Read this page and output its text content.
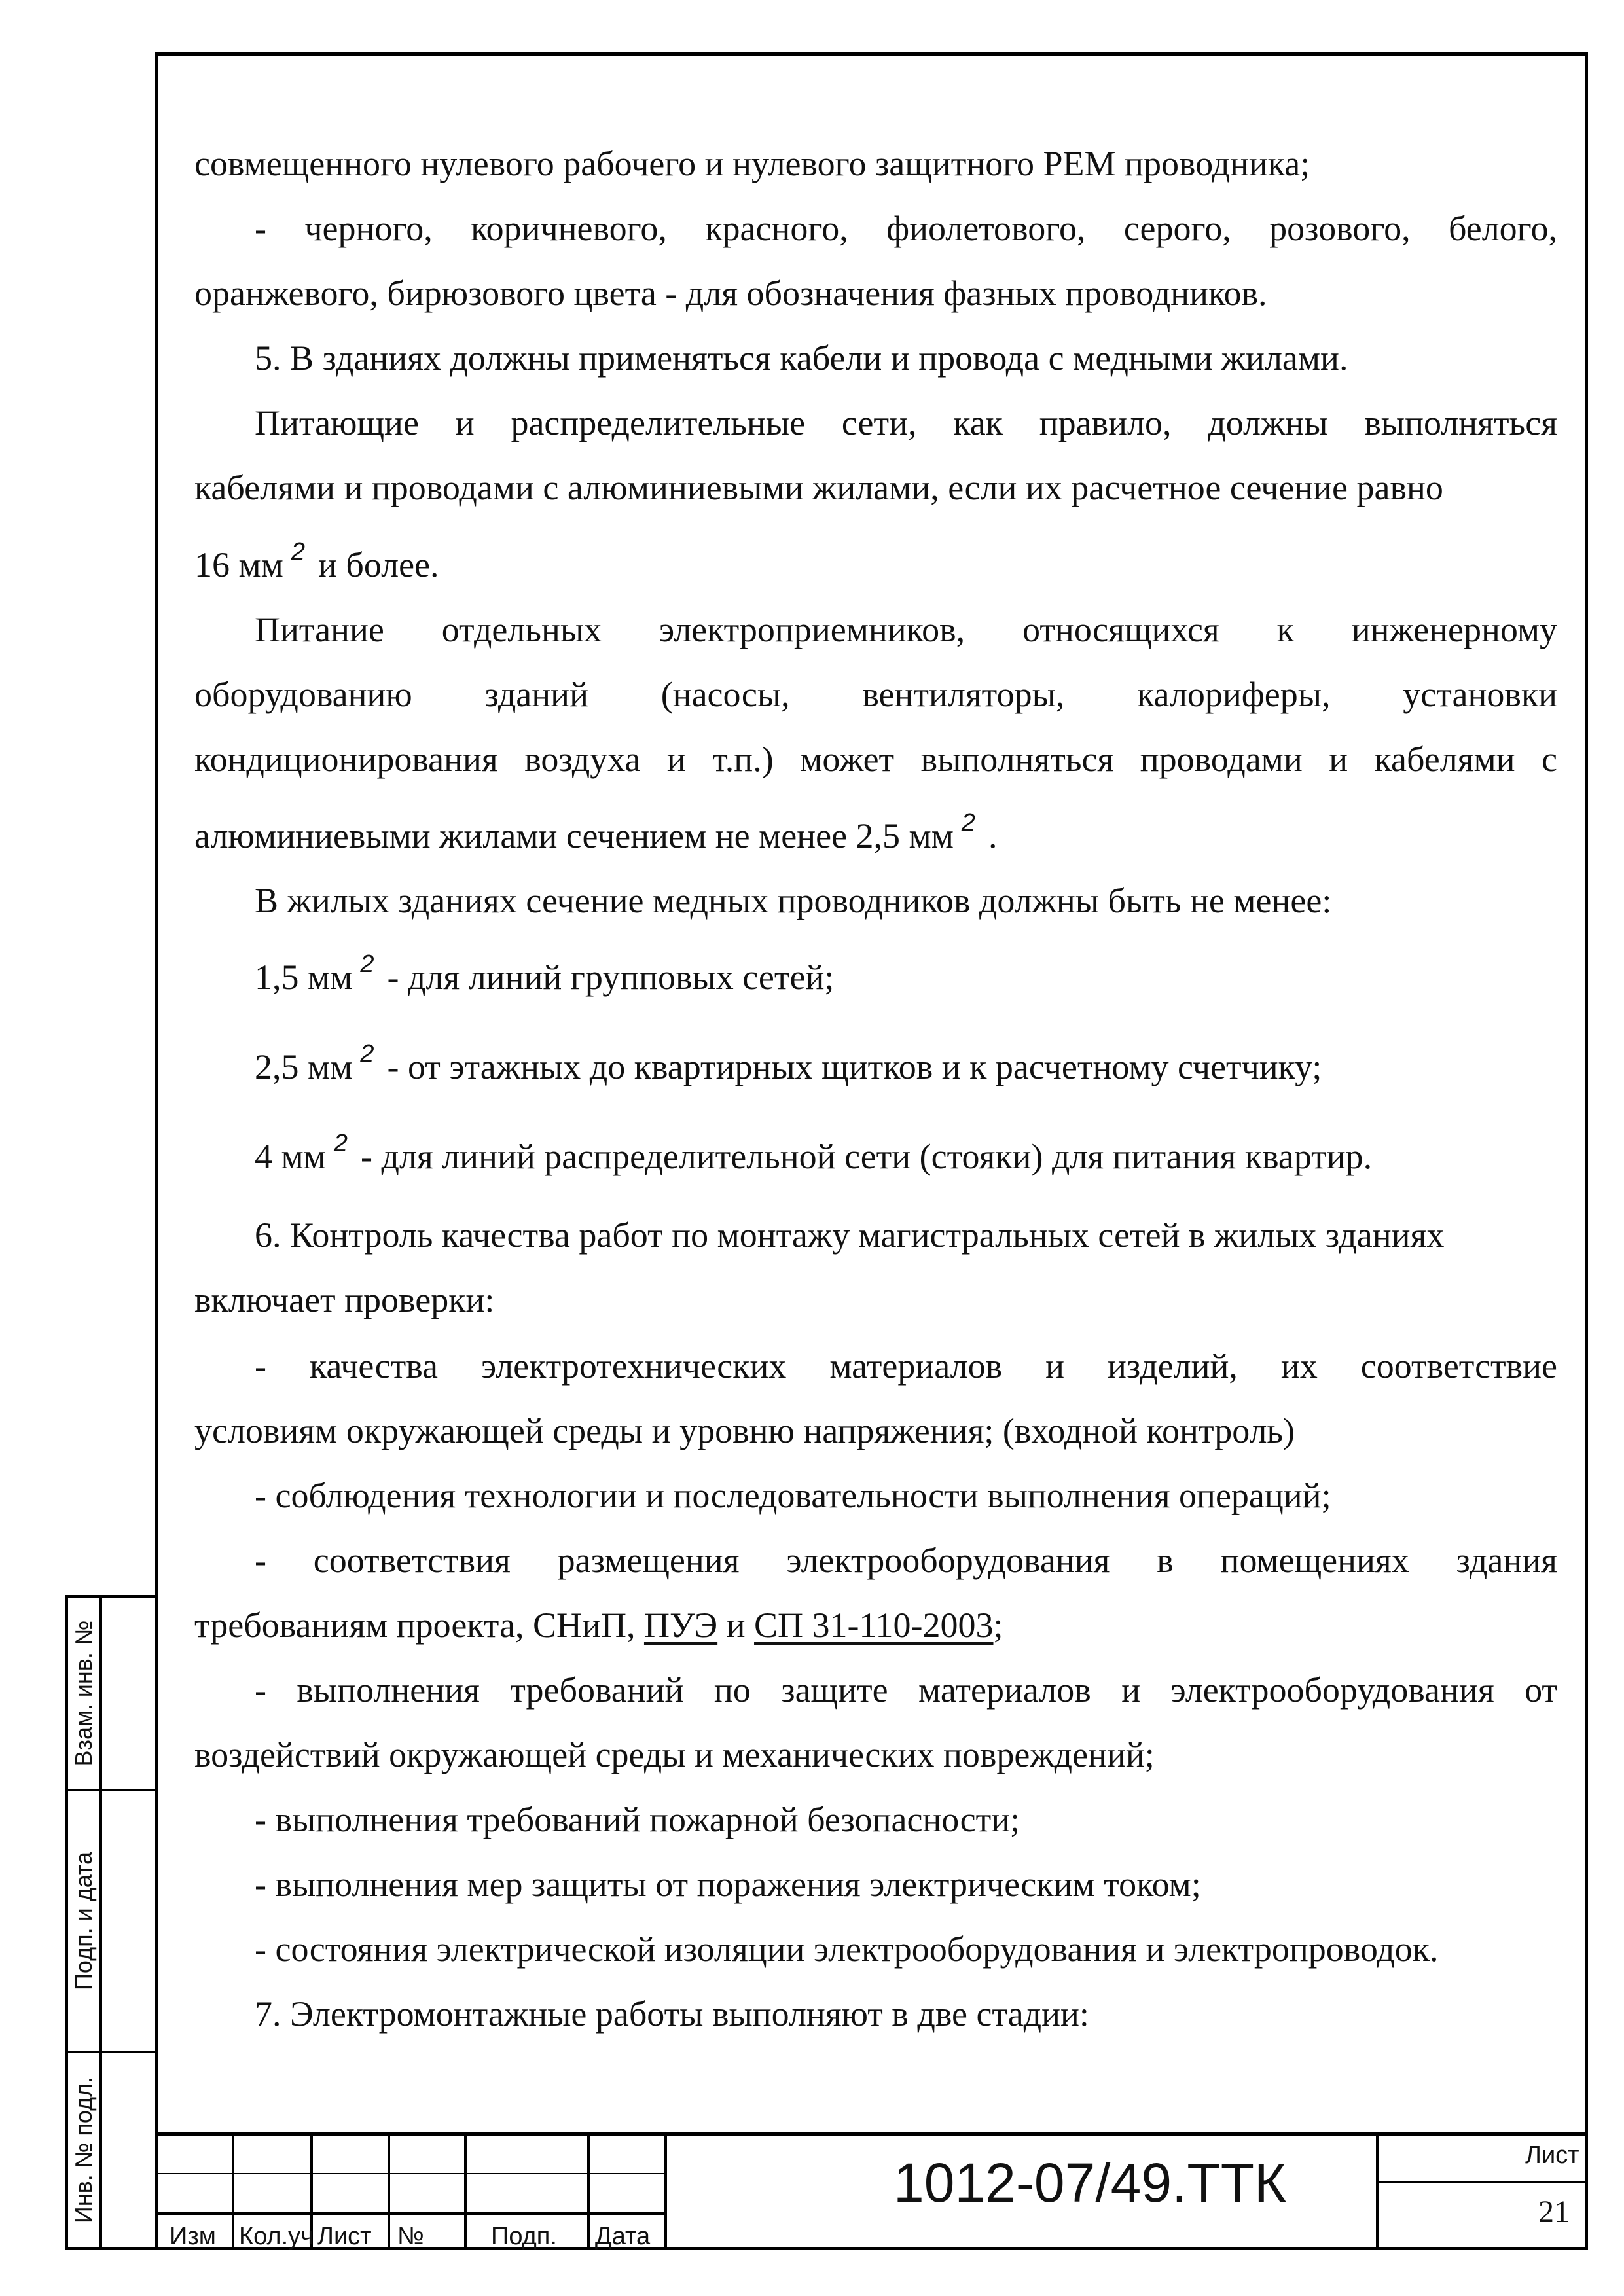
совмещенного нулевого рабочего и нулевого защитного PEM проводника;
- черного, коричневого, красного, фиолетового, серого, розового, белого,
оранжевого, бирюзового цвета - для обозначения фазных проводников.
5. В зданиях должны применяться кабели и провода с медными жилами.
Питающие и распределительные сети, как правило, должны выполняться
кабелями и проводами с алюминиевыми жилами, если их расчетное сечение равно
16 мм $^2$ и более.
Питание отдельных электроприемников, относящихся к инженерному
оборудованию зданий (насосы, вентиляторы, калориферы, установки
кондиционирования воздуха и т.п.) может выполняться проводами и кабелями с
алюминиевыми жилами сечением не менее 2,5 мм $^2$ .
В жилых зданиях сечение медных проводников должны быть не менее:
1,5 мм $^2$ - для линий групповых сетей;
2,5 мм $^2$ - от этажных до квартирных щитков и к расчетному счетчику;
4 мм $^2$ - для линий распределительной сети (стояки) для питания квартир.
6. Контроль качества работ по монтажу магистральных сетей в жилых зданиях
включает проверки:
- качества электротехнических материалов и изделий, их соответствие
условиям окружающей среды и уровню напряжения; (входной контроль)
- соблюдения технологии и последовательности выполнения операций;
- соответствия размещения электрооборудования в помещениях здания
требованиям проекта, СНиП, ПУЭ и СП 31-110-2003;
- выполнения требований по защите материалов и электрооборудования от
воздействий окружающей среды и механических повреждений;
- выполнения требований пожарной безопасности;
- выполнения мер защиты от поражения электрическим током;
- состояния электрической изоляции электрооборудования и электропроводок.
7. Электромонтажные работы выполняют в две стадии:
Взам. инв. №
Подп. и дата
Инв. № подл.
Изм Кол.уч Лист №	Подп. Дата
1012-07/49.ТТК	Лист
21
